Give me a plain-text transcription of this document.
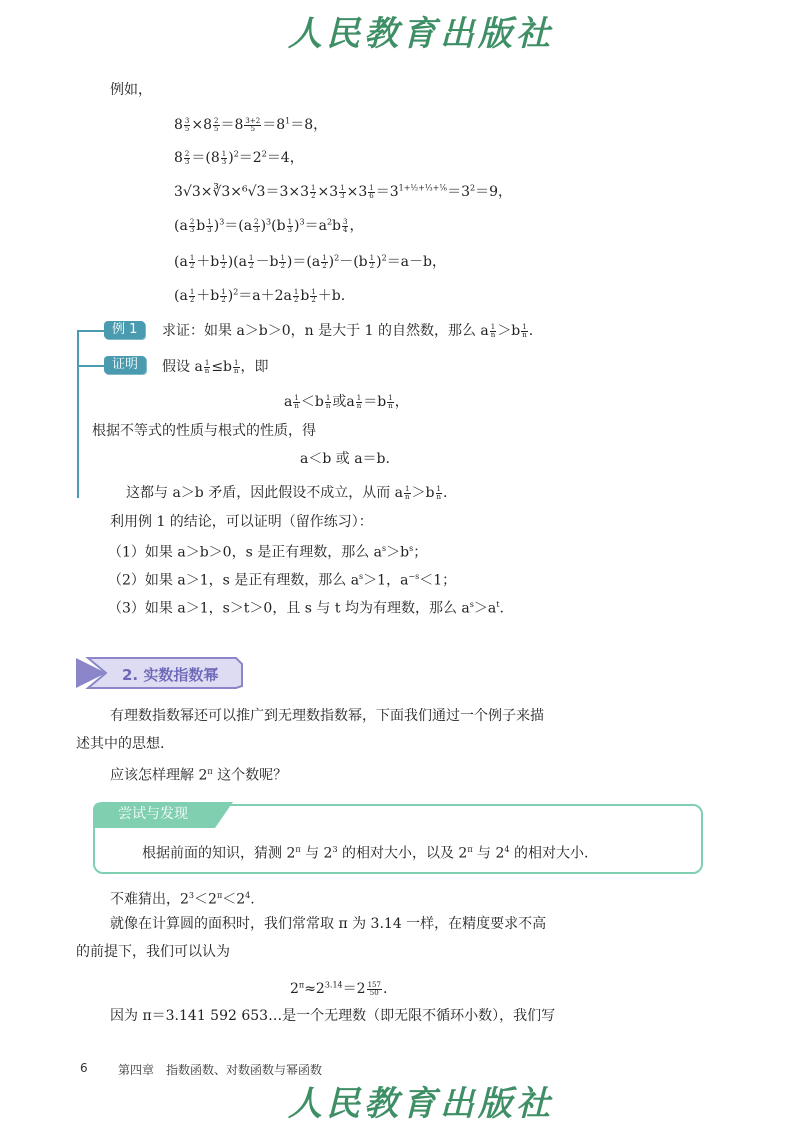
人民教育出版社
例如，
$8 \frac{3}{5} \times 8 \frac{2}{5} =8 \frac{3+2}{5} =8^1=8$，
$8 \frac{2}{3} =(8 \frac{1}{3} )^2=2^2=4$，
3√3×∛3×⁶√3＝3×3 $\frac{1}{2} \times 3 \frac{1}{3} \times 3 \frac{1}{6} =3^{1+\frac{1}{2}+\frac{1}{3}+\frac{1}{6}}=3^2=9$，
($a \frac{2}{3}$ b $\frac{1}{3} )^3=(a \frac{2}{3} )^3(b \frac{1}{3} )^3=a^2b \frac{3}{4}$ ，
$(a \frac{1}{2} +b \frac{1}{2} )(a \frac{1}{2} -b \frac{1}{2} )=(a \frac{1}{2} )^2-(b \frac{1}{2} )^2=a-b$，
$(a \frac{1}{2} +b \frac{1}{2} )^2=a+2a \frac{1}{2}$ b $\frac{1}{2} +b$.
例 1	求证：如果 a＞b＞0，n 是大于 1 的自然数，那么 a $\frac{1}{n} >b \frac{1}{n}$ .
证明	假设 a $\frac{1}{n} \le b \frac{1}{n}$ ，即
a $\frac{1}{n} <b \frac{1}{n}$ 或a $\frac{1}{n} =b \frac{1}{n}$ ，
根据不等式的性质与根式的性质，得
a＜b 或 a＝b.
这都与 a＞b 矛盾，因此假设不成立，从而 a $\frac{1}{n} >b \frac{1}{n}$ .
利用例 1 的结论，可以证明（留作练习）：
（1）如果 a＞b＞0，s 是正有理数，那么 $a^s>b^s$；
（2）如果 a＞1，s 是正有理数，那么 $a^s>1$，$a^{-s}<1$；
（3）如果 a＞1，s＞t＞0，且 s 与 t 均为有理数，那么 $a^s>a^t$.
2. 实数指数幂
有理数指数幂还可以推广到无理数指数幂，下面我们通过一个例子来描
述其中的思想.
应该怎样理解 $2^\pi$ 这个数呢？
尝试与发现
根据前面的知识，猜测 $2^\pi$ 与 $2^3$ 的相对大小，以及 $2^\pi$ 与 $2^4$ 的相对大小.
不难猜出，$2^3<2^\pi<2^4$.
就像在计算圆的面积时，我们常常取 π 为 3.14 一样，在精度要求不高
的前提下，我们可以认为
$2^\pi\approx 2^{3.14}=2 \frac{157}{50}$ .
因为 π＝3.141 592 653…是一个无理数（即无限不循环小数），我们写
6	第四章　指数函数、对数函数与幂函数
人民教育出版社
